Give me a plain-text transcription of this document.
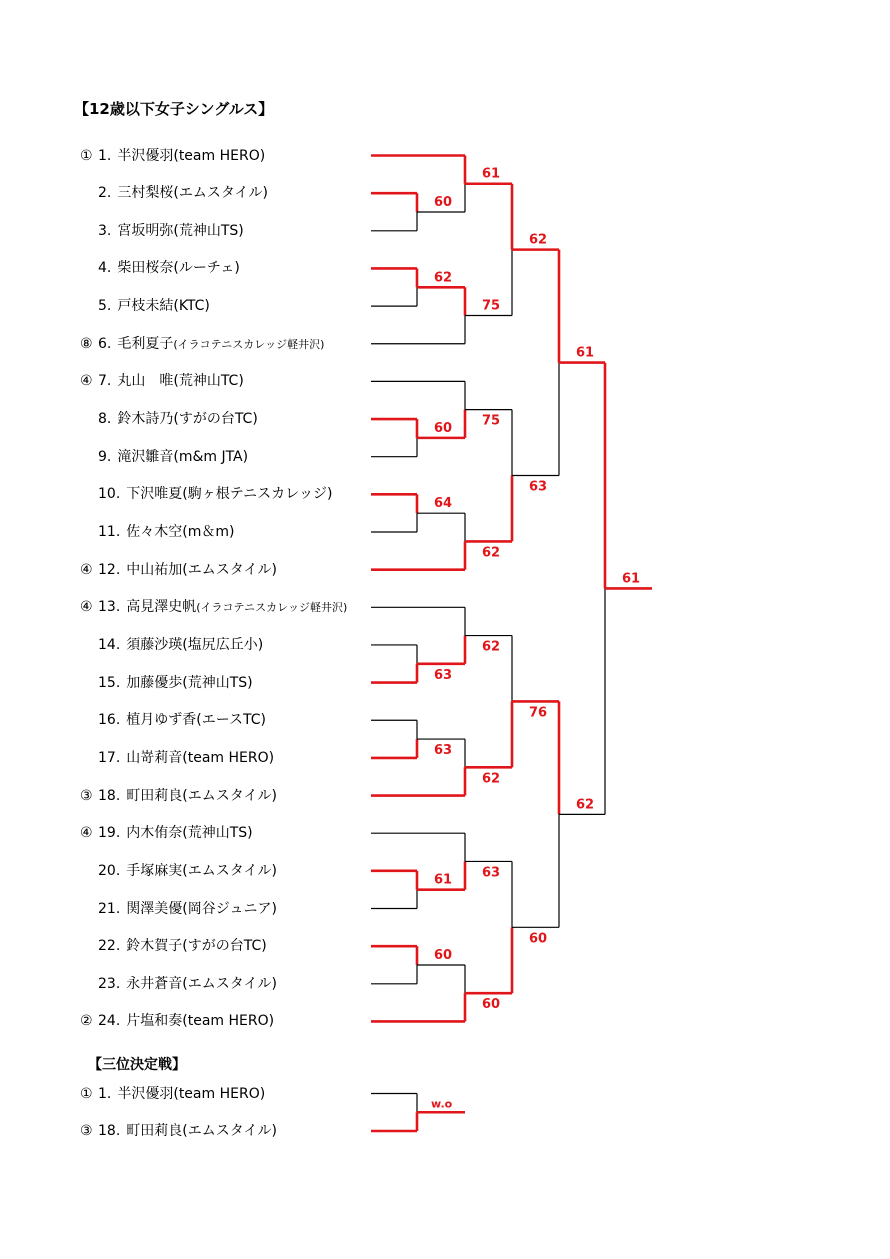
【12歳以下女子シングルス】
【三位決定戦】
① 1. 半沢優羽(team HERO)
2. 三村梨桜(エムスタイル)
3. 宮坂明弥(荒神山TS)
4. 柴田桜奈(ルーチェ)
5. 戸枝未結(KTC)
⑧ 6. 毛利夏子(イラコテニスカレッジ軽井沢)
④ 7. 丸山　唯(荒神山TC)
8. 鈴木詩乃(すがの台TC)
9. 滝沢雛音(m&m JTA)
10. 下沢唯夏(駒ヶ根テニスカレッジ)
11. 佐々木空(m＆m)
④ 12. 中山祐加(エムスタイル)
④ 13. 高見澤史帆(イラコテニスカレッジ軽井沢)
14. 須藤沙瑛(塩尻広丘小)
15. 加藤優歩(荒神山TS)
16. 植月ゆず香(エースTC)
17. 山嵜莉音(team HERO)
③ 18. 町田莉良(エムスタイル)
④ 19. 内木侑奈(荒神山TS)
20. 手塚麻実(エムスタイル)
21. 関澤美優(岡谷ジュニア)
22. 鈴木賀子(すがの台TC)
23. 永井蒼音(エムスタイル)
② 24. 片塩和奏(team HERO)
① 1. 半沢優羽(team HERO)
③ 18. 町田莉良(エムスタイル)
60
62
60
64
63
63
61
60
61
75
75
62
62
62
63
60
62
63
76
60
61
62
61
w.o
